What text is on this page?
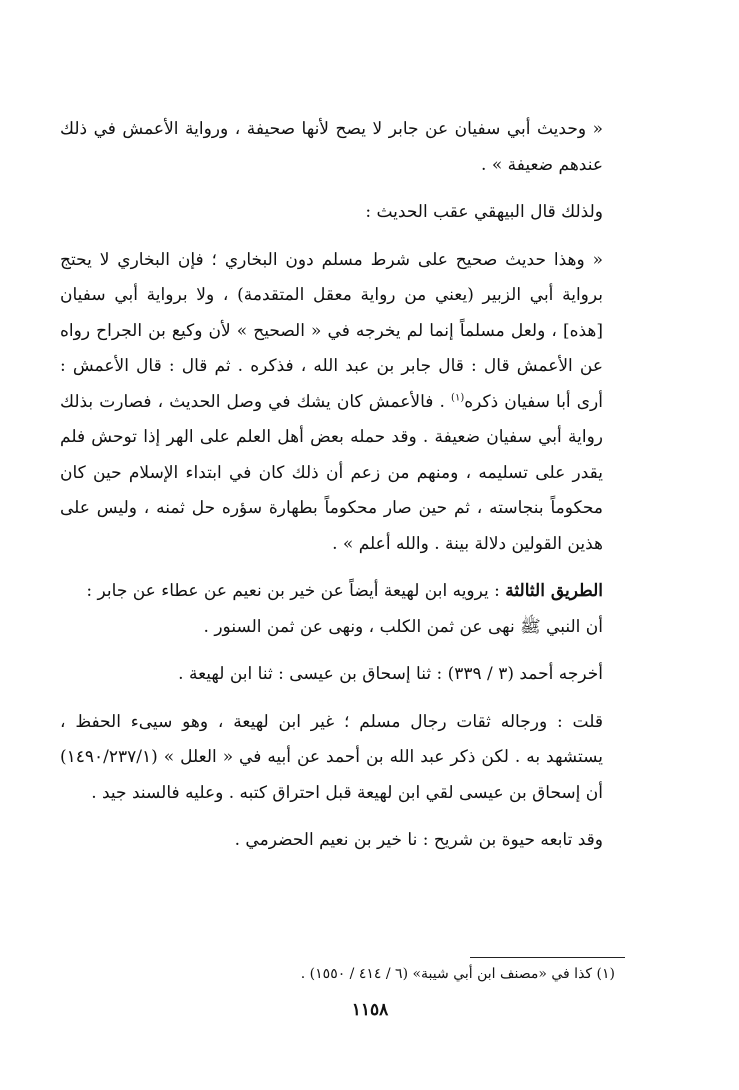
« وحديث أبي سفيان عن جابر لا يصح لأنها صحيفة ، ورواية الأعمش في ذلك عندهم ضعيفة » .

ولذلك قال البيهقي عقب الحديث :

« وهذا حديث صحيح على شرط مسلم دون البخاري ؛ فإن البخاري لا يحتج برواية أبي الزبير (يعني من رواية معقل المتقدمة) ، ولا برواية أبي سفيان [هذه] ، ولعل مسلماً إنما لم يخرجه في « الصحيح » لأن وكيع بن الجراح رواه عن الأعمش قال : قال جابر بن عبد الله ، فذكره . ثم قال : قال الأعمش : أرى أبا سفيان ذكره$^{(١)}$ . فالأعمش كان يشك في وصل الحديث ، فصارت بذلك رواية أبي سفيان ضعيفة . وقد حمله بعض أهل العلم على الهر إذا توحش فلم يقدر على تسليمه ، ومنهم من زعم أن ذلك كان في ابتداء الإسلام حين كان محكوماً بنجاسته ، ثم حين صار محكوماً بطهارة سؤره حل ثمنه ، وليس على هذين القولين دلالة بينة . والله أعلم » .

الطريق الثالثة : يرويه ابن لهيعة أيضاً عن خير بن نعيم عن عطاء عن جابر :

أن النبي ﷺ نهى عن ثمن الكلب ، ونهى عن ثمن السنور .

أخرجه أحمد (٣ / ٣٣٩) : ثنا إسحاق بن عيسى : ثنا ابن لهيعة .

قلت : ورجاله ثقات رجال مسلم ؛ غير ابن لهيعة ، وهو سيىء الحفظ ، يستشهد به . لكن ذكر عبد الله بن أحمد عن أبيه في « العلل » (١٤٩٠/٢٣٧/١) أن إسحاق بن عيسى لقي ابن لهيعة قبل احتراق كتبه . وعليه فالسند جيد .

وقد تابعه حيوة بن شريح : نا خير بن نعيم الحضرمي .

(١) كذا في «مصنف ابن أبي شيبة» (٦ / ٤١٤ / ١٥٥٠) .
١١٥٨
